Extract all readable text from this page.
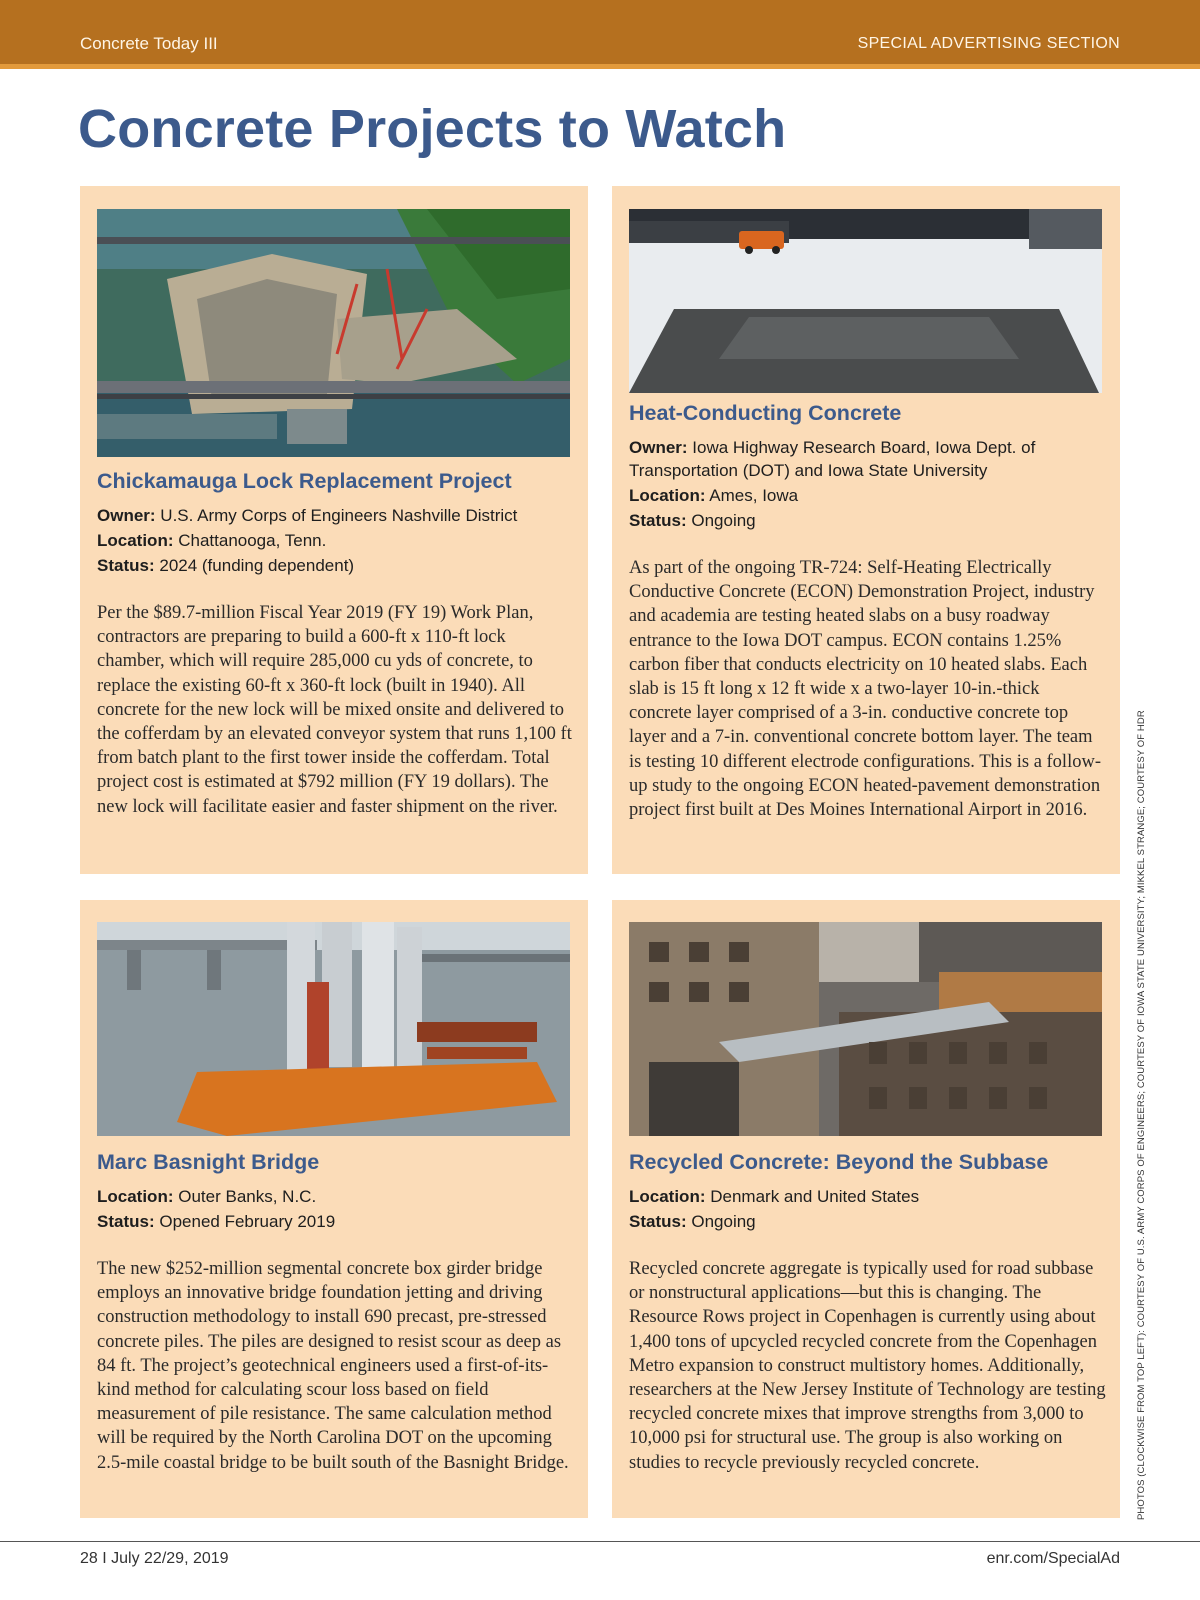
Concrete Today III	SPECIAL ADVERTISING SECTION
Concrete Projects to Watch
Chickamauga Lock Replacement Project
Owner: U.S. Army Corps of Engineers Nashville District
Location: Chattanooga, Tenn.
Status: 2024 (funding dependent)

Per the $89.7-million Fiscal Year 2019 (FY 19) Work Plan, contractors are preparing to build a 600-ft x 110-ft lock chamber, which will require 285,000 cu yds of concrete, to replace the existing 60-ft x 360-ft lock (built in 1940). All concrete for the new lock will be mixed onsite and delivered to the cofferdam by an elevated conveyor system that runs 1,100 ft from batch plant to the first tower inside the cofferdam. Total project cost is estimated at $792 million (FY 19 dollars). The new lock will facilitate easier and faster shipment on the river.

Heat-Conducting Concrete
Owner: Iowa Highway Research Board, Iowa Dept. of Transportation (DOT) and Iowa State University
Location: Ames, Iowa
Status: Ongoing

As part of the ongoing TR-724: Self-Heating Electrically Conductive Concrete (ECON) Demonstration Project, industry and academia are testing heated slabs on a busy roadway entrance to the Iowa DOT campus. ECON contains 1.25% carbon fiber that conducts electricity on 10 heated slabs. Each slab is 15 ft long x 12 ft wide x a two-layer 10-in.-thick concrete layer comprised of a 3-in. conductive concrete top layer and a 7-in. conventional concrete bottom layer. The team is testing 10 different electrode configurations. This is a follow-up study to the ongoing ECON heated-pavement demonstration project first built at Des Moines International Airport in 2016.

Marc Basnight Bridge
Location: Outer Banks, N.C.
Status: Opened February 2019

The new $252-million segmental concrete box girder bridge employs an innovative bridge foundation jetting and driving construction methodology to install 690 precast, pre-stressed concrete piles. The piles are designed to resist scour as deep as 84 ft. The project’s geotechnical engineers used a first-of-its-kind method for calculating scour loss based on field measurement of pile resistance. The same calculation method will be required by the North Carolina DOT on the upcoming 2.5-mile coastal bridge to be built south of the Basnight Bridge.

Recycled Concrete: Beyond the Subbase
Location: Denmark and United States
Status: Ongoing

Recycled concrete aggregate is typically used for road subbase or nonstructural applications—but this is changing. The Resource Rows project in Copenhagen is currently using about 1,400 tons of upcycled recycled concrete from the Copenhagen Metro expansion to construct multistory homes. Additionally, researchers at the New Jersey Institute of Technology are testing recycled concrete mixes that improve strengths from 3,000 to 10,000 psi for structural use. The group is also working on studies to recycle previously recycled concrete.	PHOTOS (CLOCKWISE FROM TOP LEFT): COURTESY OF U.S. ARMY CORPS OF ENGINEERS; COURTESY OF IOWA STATE UNIVERSITY; MIKKEL STRANGE; COURTESY OF HDR
28 I July 22/29, 2019	enr.com/SpecialAd
